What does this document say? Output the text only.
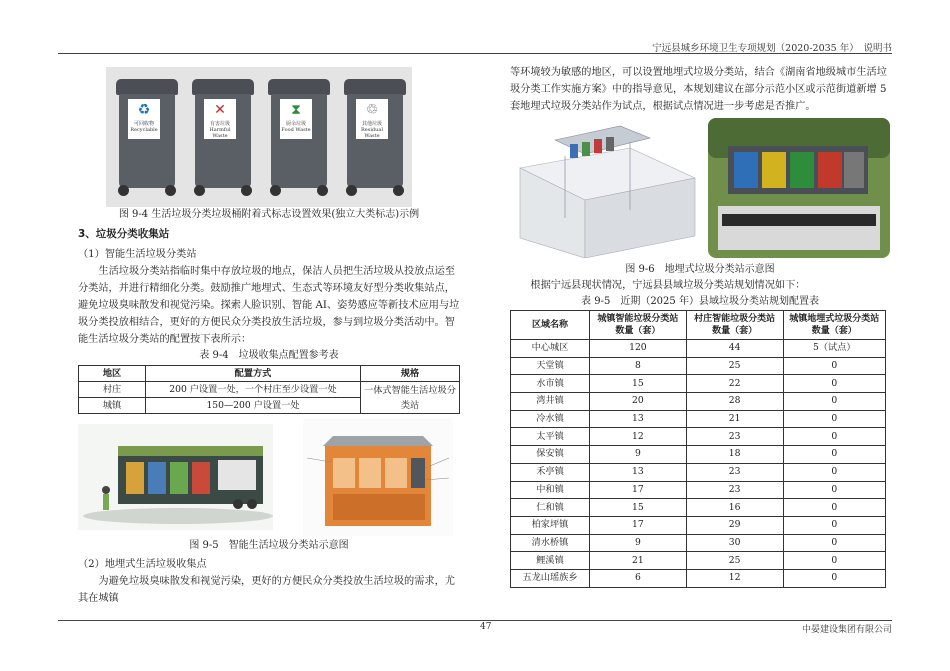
宁远县城乡环境卫生专项规划（2020-2035 年）　说明书
♻
可回收物
Recyclable
✕
有害垃圾
Harmful Waste
⧗
厨余垃圾
Food Waste
♲
其他垃圾
Residual Waste
图 9-4 生活垃圾分类垃圾桶附着式标志设置效果(独立大类标志)示例
3、垃圾分类收集站

（1）智能生活垃圾分类站

生活垃圾分类站指临时集中存放垃圾的地点，保洁人员把生活垃圾从投放点运至分类站，并进行精细化分类。鼓励推广地埋式、生态式等环境友好型分类收集站点，避免垃圾臭味散发和视觉污染。探索人脸识别、智能 AI、姿势感应等新技术应用与垃圾分类投放相结合，更好的方便民众分类投放生活垃圾，参与到垃圾分类活动中。智能生活垃圾分类站的配置按下表所示：

表 9-4　垃圾收集点配置参考表
地区	配置方式	规格
村庄	200 户设置一处，一个村庄至少设置一处	一体式智能生活垃圾分类站
城镇	150—200 户设置一处	
图 9-5　智能生活垃圾分类站示意图

（2）地埋式生活垃圾收集点

为避免垃圾臭味散发和视觉污染，更好的方便民众分类投放生活垃圾的需求，尤其在城镇

等环境较为敏感的地区，可以设置地埋式垃圾分类站，结合《湖南省地级城市生活垃圾分类工作实施方案》中的指导意见，本规划建议在部分示范小区或示范街道新增 5 套地埋式垃圾分类站作为试点，根据试点情况进一步考虑是否推广。

图 9-6　地埋式垃圾分类站示意图

根据宁远县现状情况，宁远县县域垃圾分类站规划情况如下：

表 9-5　近期（2025 年）县域垃圾分类站规划配置表
区域名称	城镇智能垃圾分类站数量（套）	村庄智能垃圾分类站数量（套）	城镇地埋式垃圾分类站数量（套）
中心城区	120	44	5（试点）
天堂镇	8	25	0
水市镇	15	22	0
湾井镇	20	28	0
冷水镇	13	21	0
太平镇	12	23	0
保安镇	9	18	0
禾亭镇	13	23	0
中和镇	17	23	0
仁和镇	15	16	0
柏家坪镇	17	29	0
清水桥镇	9	30	0
鲤溪镇	21	25	0
五龙山瑶族乡	6	12	0
47	中晏建设集团有限公司
